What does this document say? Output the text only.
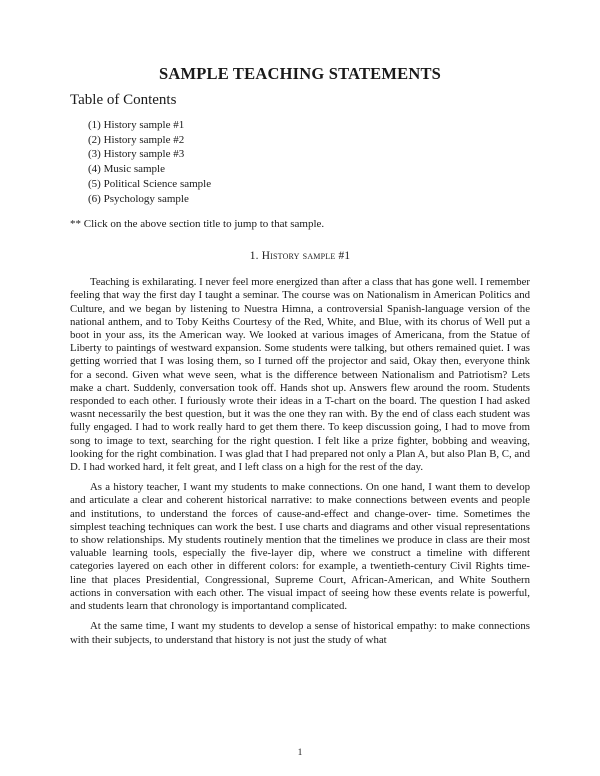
SAMPLE TEACHING STATEMENTS
Table of Contents
(1) History sample #1
(2) History sample #2
(3) History sample #3
(4) Music sample
(5) Political Science sample
(6) Psychology sample
** Click on the above section title to jump to that sample.
1. History sample #1

Teaching is exhilarating. I never feel more energized than after a class that has gone well. I remember feeling that way the first day I taught a seminar. The course was on Nationalism in American Politics and Culture, and we began by listening to Nuestra Himna, a controversial Spanish-language version of the national anthem, and to Toby Keiths Courtesy of the Red, White, and Blue, with its chorus of Well put a boot in your ass, its the American way. We looked at various images of Americana, from the Statue of Liberty to paintings of westward expansion. Some students were talking, but others remained quiet. I was getting worried that I was losing them, so I turned off the projector and said, Okay then, everyone think for a second. Given what weve seen, what is the difference between Nationalism and Patriotism? Lets make a chart. Suddenly, conversation took off. Hands shot up. Answers flew around the room. Students responded to each other. I furiously wrote their ideas in a T-chart on the board. The question I had asked wasnt necessarily the best question, but it was the one they ran with. By the end of class each student was fully engaged. I had to work really hard to get them there. To keep discussion going, I had to move from song to image to text, searching for the right question. I felt like a prize fighter, bobbing and weaving, looking for the right combination. I was glad that I had prepared not only a Plan A, but also Plan B, C, and D. I had worked hard, it felt great, and I left class on a high for the rest of the day.

As a history teacher, I want my students to make connections. On one hand, I want them to develop and articulate a clear and coherent historical narrative: to make connections between events and people and institutions, to understand the forces of cause-and-effect and change-over- time. Sometimes the simplest teaching techniques can work the best. I use charts and diagrams and other visual representations to show relationships. My students routinely mention that the timelines we produce in class are their most valuable learning tools, especially the five-layer dip, where we construct a timeline with different categories layered on each other in different colors: for example, a twentieth-century Civil Rights time-line that places Presidential, Congressional, Supreme Court, African-American, and White Southern actions in conversation with each other. The visual impact of seeing how these events relate is powerful, and students learn that chronology is importantand complicated.

At the same time, I want my students to develop a sense of historical empathy: to make connections with their subjects, to understand that history is not just the study of what

1
